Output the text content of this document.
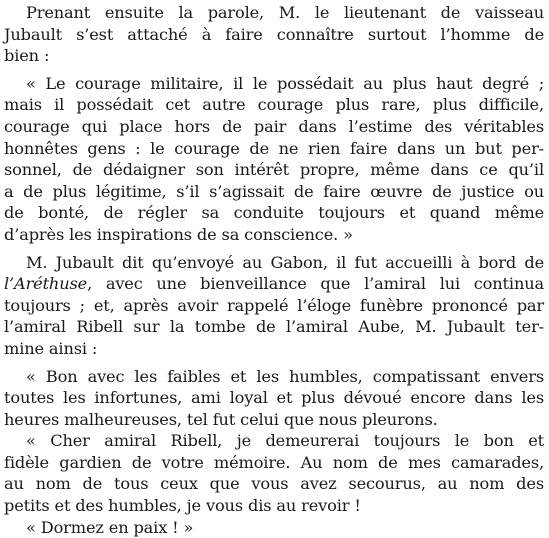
Prenant ensuite la parole, M. le lieutenant de vaisseau
Jubault s’est attaché à faire connaître surtout l’homme de
bien :
« Le courage militaire, il le possédait au plus haut degré ;
mais il possédait cet autre courage plus rare, plus difficile,
courage qui place hors de pair dans l’estime des véritables
honnêtes gens : le courage de ne rien faire dans un but per-
sonnel, de dédaigner son intérêt propre, même dans ce qu’il
a de plus légitime, s’il s’agissait de faire œuvre de justice ou
de bonté, de régler sa conduite toujours et quand même
d’après les inspirations de sa conscience. »
M. Jubault dit qu’envoyé au Gabon, il fut accueilli à bord de
l’Aréthuse, avec une bienveillance que l’amiral lui continua
toujours ; et, après avoir rappelé l’éloge funèbre prononcé par
l’amiral Ribell sur la tombe de l’amiral Aube, M. Jubault ter-
mine ainsi :
« Bon avec les faibles et les humbles, compatissant envers
toutes les infortunes, ami loyal et plus dévoué encore dans les
heures malheureuses, tel fut celui que nous pleurons.
« Cher amiral Ribell, je demeurerai toujours le bon et
fidèle gardien de votre mémoire. Au nom de mes camarades,
au nom de tous ceux que vous avez secourus, au nom des
petits et des humbles, je vous dis au revoir !
« Dormez en paix ! »
